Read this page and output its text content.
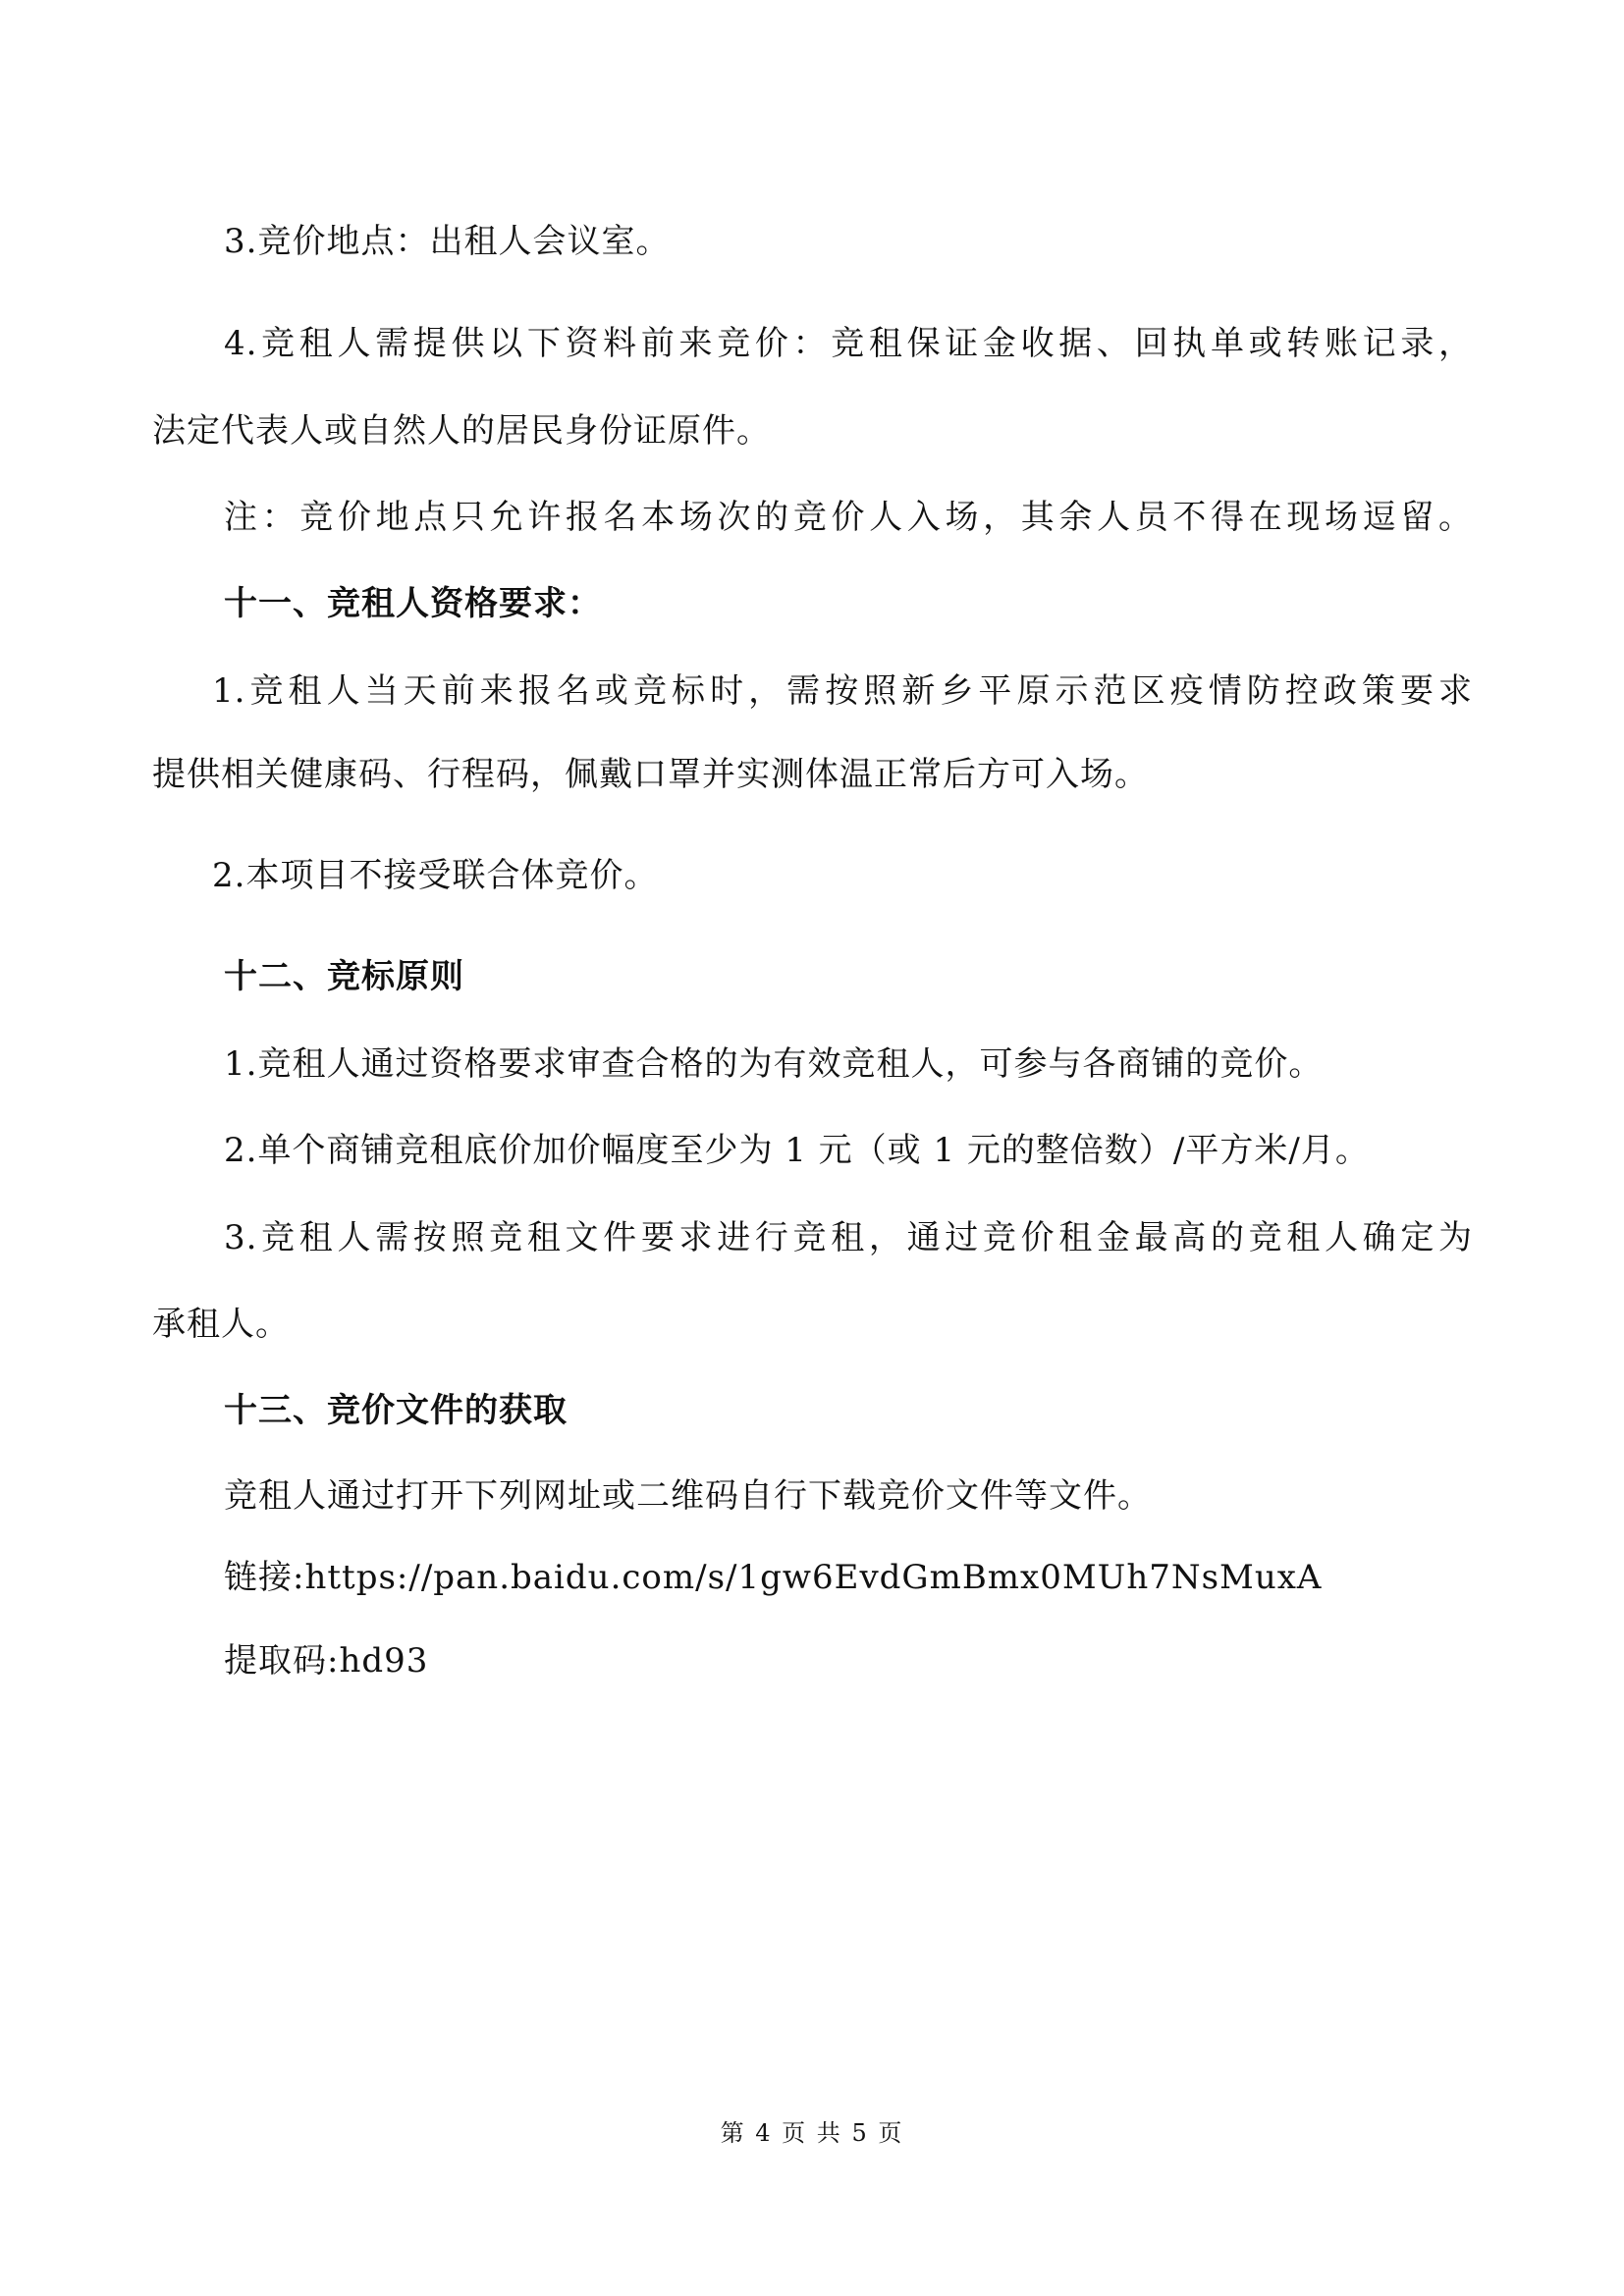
3.竞价地点：出租人会议室。
4.竞租人需提供以下资料前来竞价：竞租保证金收据、回执单或转账记录，
法定代表人或自然人的居民身份证原件。
注：竞价地点只允许报名本场次的竞价人入场，其余人员不得在现场逗留。
十一、竞租人资格要求：
1.竞租人当天前来报名或竞标时，需按照新乡平原示范区疫情防控政策要求
提供相关健康码、行程码，佩戴口罩并实测体温正常后方可入场。
2.本项目不接受联合体竞价。
十二、竞标原则
1.竞租人通过资格要求审查合格的为有效竞租人，可参与各商铺的竞价。
2.单个商铺竞租底价加价幅度至少为 1 元（或 1 元的整倍数）/平方米/月。
3.竞租人需按照竞租文件要求进行竞租，通过竞价租金最高的竞租人确定为
承租人。
十三、竞价文件的获取
竞租人通过打开下列网址或二维码自行下载竞价文件等文件。
链接:https://pan.baidu.com/s/1gw6EvdGmBmx0MUh7NsMuxA
提取码:hd93
第 4 页 共 5 页
